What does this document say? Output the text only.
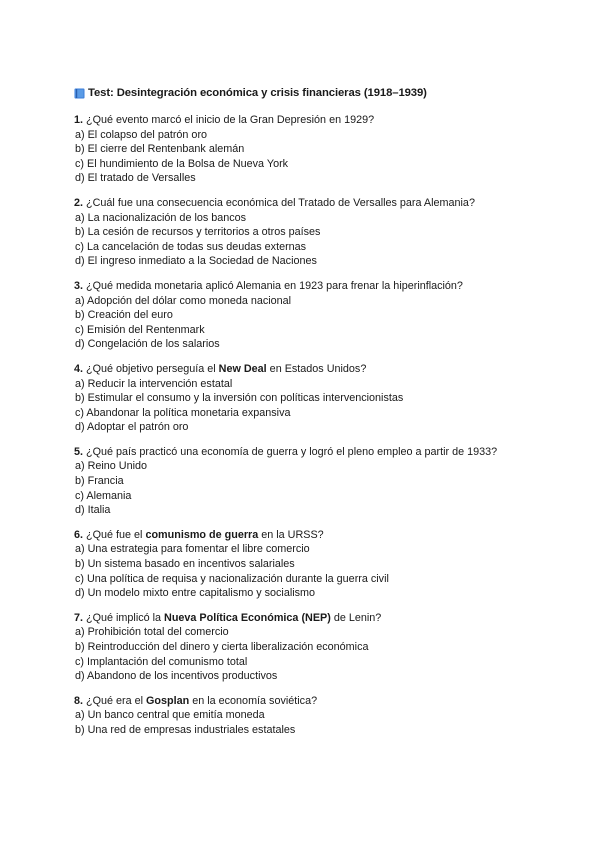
Test: Desintegración económica y crisis financieras (1918–1939)
1. ¿Qué evento marcó el inicio de la Gran Depresión en 1929?
a) El colapso del patrón oro
b) El cierre del Rentenbank alemán
c) El hundimiento de la Bolsa de Nueva York
d) El tratado de Versalles
2. ¿Cuál fue una consecuencia económica del Tratado de Versalles para Alemania?
a) La nacionalización de los bancos
b) La cesión de recursos y territorios a otros países
c) La cancelación de todas sus deudas externas
d) El ingreso inmediato a la Sociedad de Naciones
3. ¿Qué medida monetaria aplicó Alemania en 1923 para frenar la hiperinflación?
a) Adopción del dólar como moneda nacional
b) Creación del euro
c) Emisión del Rentenmark
d) Congelación de los salarios
4. ¿Qué objetivo perseguía el New Deal en Estados Unidos?
a) Reducir la intervención estatal
b) Estimular el consumo y la inversión con políticas intervencionistas
c) Abandonar la política monetaria expansiva
d) Adoptar el patrón oro
5. ¿Qué país practicó una economía de guerra y logró el pleno empleo a partir de 1933?
a) Reino Unido
b) Francia
c) Alemania
d) Italia
6. ¿Qué fue el comunismo de guerra en la URSS?
a) Una estrategia para fomentar el libre comercio
b) Un sistema basado en incentivos salariales
c) Una política de requisa y nacionalización durante la guerra civil
d) Un modelo mixto entre capitalismo y socialismo
7. ¿Qué implicó la Nueva Política Económica (NEP) de Lenin?
a) Prohibición total del comercio
b) Reintroducción del dinero y cierta liberalización económica
c) Implantación del comunismo total
d) Abandono de los incentivos productivos
8. ¿Qué era el Gosplan en la economía soviética?
a) Un banco central que emitía moneda
b) Una red de empresas industriales estatales
